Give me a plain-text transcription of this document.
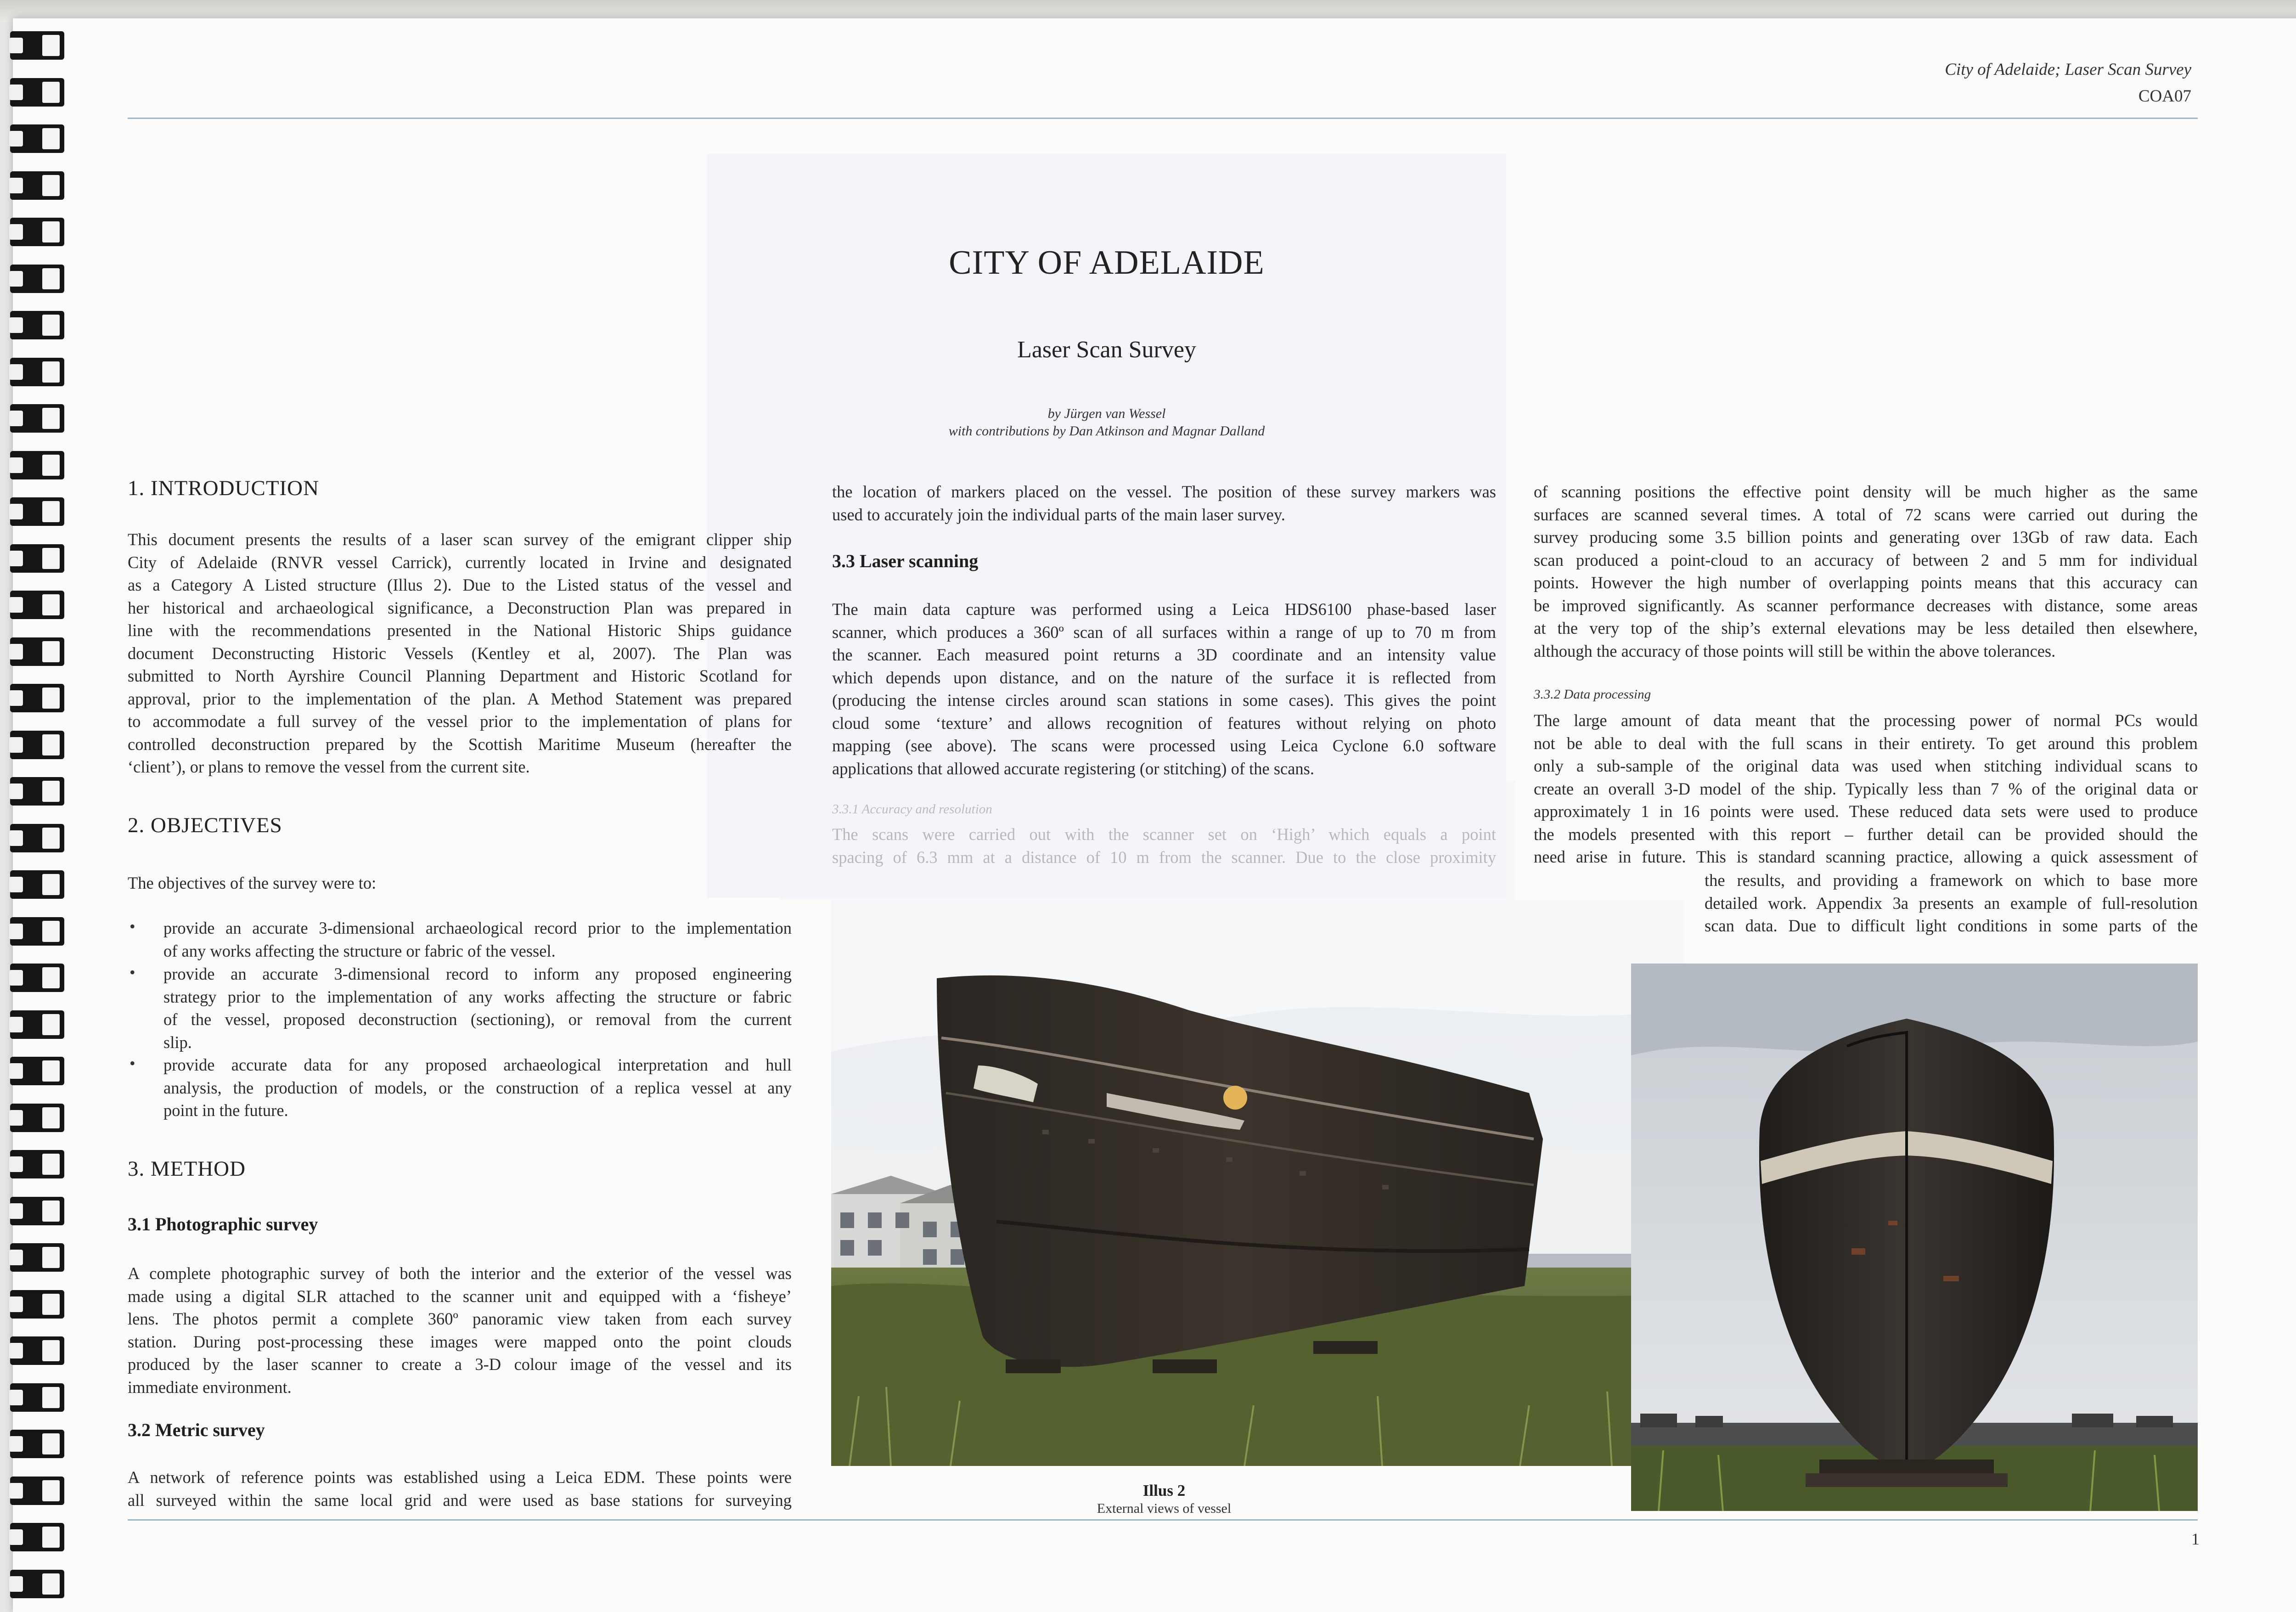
City of Adelaide; Laser Scan Survey
COA07
CITY OF ADELAIDE
Laser Scan Survey
by Jürgen van Wessel
with contributions by Dan Atkinson and Magnar Dalland
1. INTRODUCTION
This document presents the results of a laser scan survey of the emigrant clipper ship
City of Adelaide (RNVR vessel Carrick), currently located in Irvine and designated
as a Category A Listed structure (Illus 2). Due to the Listed status of the vessel and
her historical and archaeological significance, a Deconstruction Plan was prepared in
line with the recommendations presented in the National Historic Ships guidance
document Deconstructing Historic Vessels (Kentley et al, 2007). The Plan was
submitted to North Ayrshire Council Planning Department and Historic Scotland for
approval, prior to the implementation of the plan. A Method Statement was prepared
to accommodate a full survey of the vessel prior to the implementation of plans for
controlled deconstruction prepared by the Scottish Maritime Museum (hereafter the
‘client’), or plans to remove the vessel from the current site.
2. OBJECTIVES
The objectives of the survey were to:
• provide an accurate 3-dimensional archaeological record prior to the implementation
of any works affecting the structure or fabric of the vessel.
• provide an accurate 3-dimensional record to inform any proposed engineering
strategy prior to the implementation of any works affecting the structure or fabric
of the vessel, proposed deconstruction (sectioning), or removal from the current
slip.
• provide accurate data for any proposed archaeological interpretation and hull
analysis, the production of models, or the construction of a replica vessel at any
point in the future.
3. METHOD
3.1 Photographic survey
A complete photographic survey of both the interior and the exterior of the vessel was
made using a digital SLR attached to the scanner unit and equipped with a ‘fisheye’
lens. The photos permit a complete 360º panoramic view taken from each survey
station. During post-processing these images were mapped onto the point clouds
produced by the laser scanner to create a 3-D colour image of the vessel and its
immediate environment.
3.2 Metric survey
A network of reference points was established using a Leica EDM. These points were
all surveyed within the same local grid and were used as base stations for surveying
the location of markers placed on the vessel. The position of these survey markers was
used to accurately join the individual parts of the main laser survey.
3.3 Laser scanning
The main data capture was performed using a Leica HDS6100 phase-based laser
scanner, which produces a 360º scan of all surfaces within a range of up to 70 m from
the scanner. Each measured point returns a 3D coordinate and an intensity value
which depends upon distance, and on the nature of the surface it is reflected from
(producing the intense circles around scan stations in some cases). This gives the point
cloud some ‘texture’ and allows recognition of features without relying on photo
mapping (see above). The scans were processed using Leica Cyclone 6.0 software
applications that allowed accurate registering (or stitching) of the scans.
of scanning positions the effective point density will be much higher as the same
surfaces are scanned several times. A total of 72 scans were carried out during the
survey producing some 3.5 billion points and generating over 13Gb of raw data. Each
scan produced a point-cloud to an accuracy of between 2 and 5 mm for individual
points. However the high number of overlapping points means that this accuracy can
be improved significantly. As scanner performance decreases with distance, some areas
at the very top of the ship’s external elevations may be less detailed then elsewhere,
although the accuracy of those points will still be within the above tolerances.
3.3.2 Data processing
The large amount of data meant that the processing power of normal PCs would
not be able to deal with the full scans in their entirety. To get around this problem
only a sub-sample of the original data was used when stitching individual scans to
create an overall 3-D model of the ship. Typically less than 7 % of the original data or
approximately 1 in 16 points were used. These reduced data sets were used to produce
the models presented with this report – further detail can be provided should the
need arise in future. This is standard scanning practice, allowing a quick assessment of
the results, and providing a framework on which to base more
detailed work. Appendix 3a presents an example of full-resolution
scan data. Due to difficult light conditions in some parts of the
Illus 2
External views of vessel
1
